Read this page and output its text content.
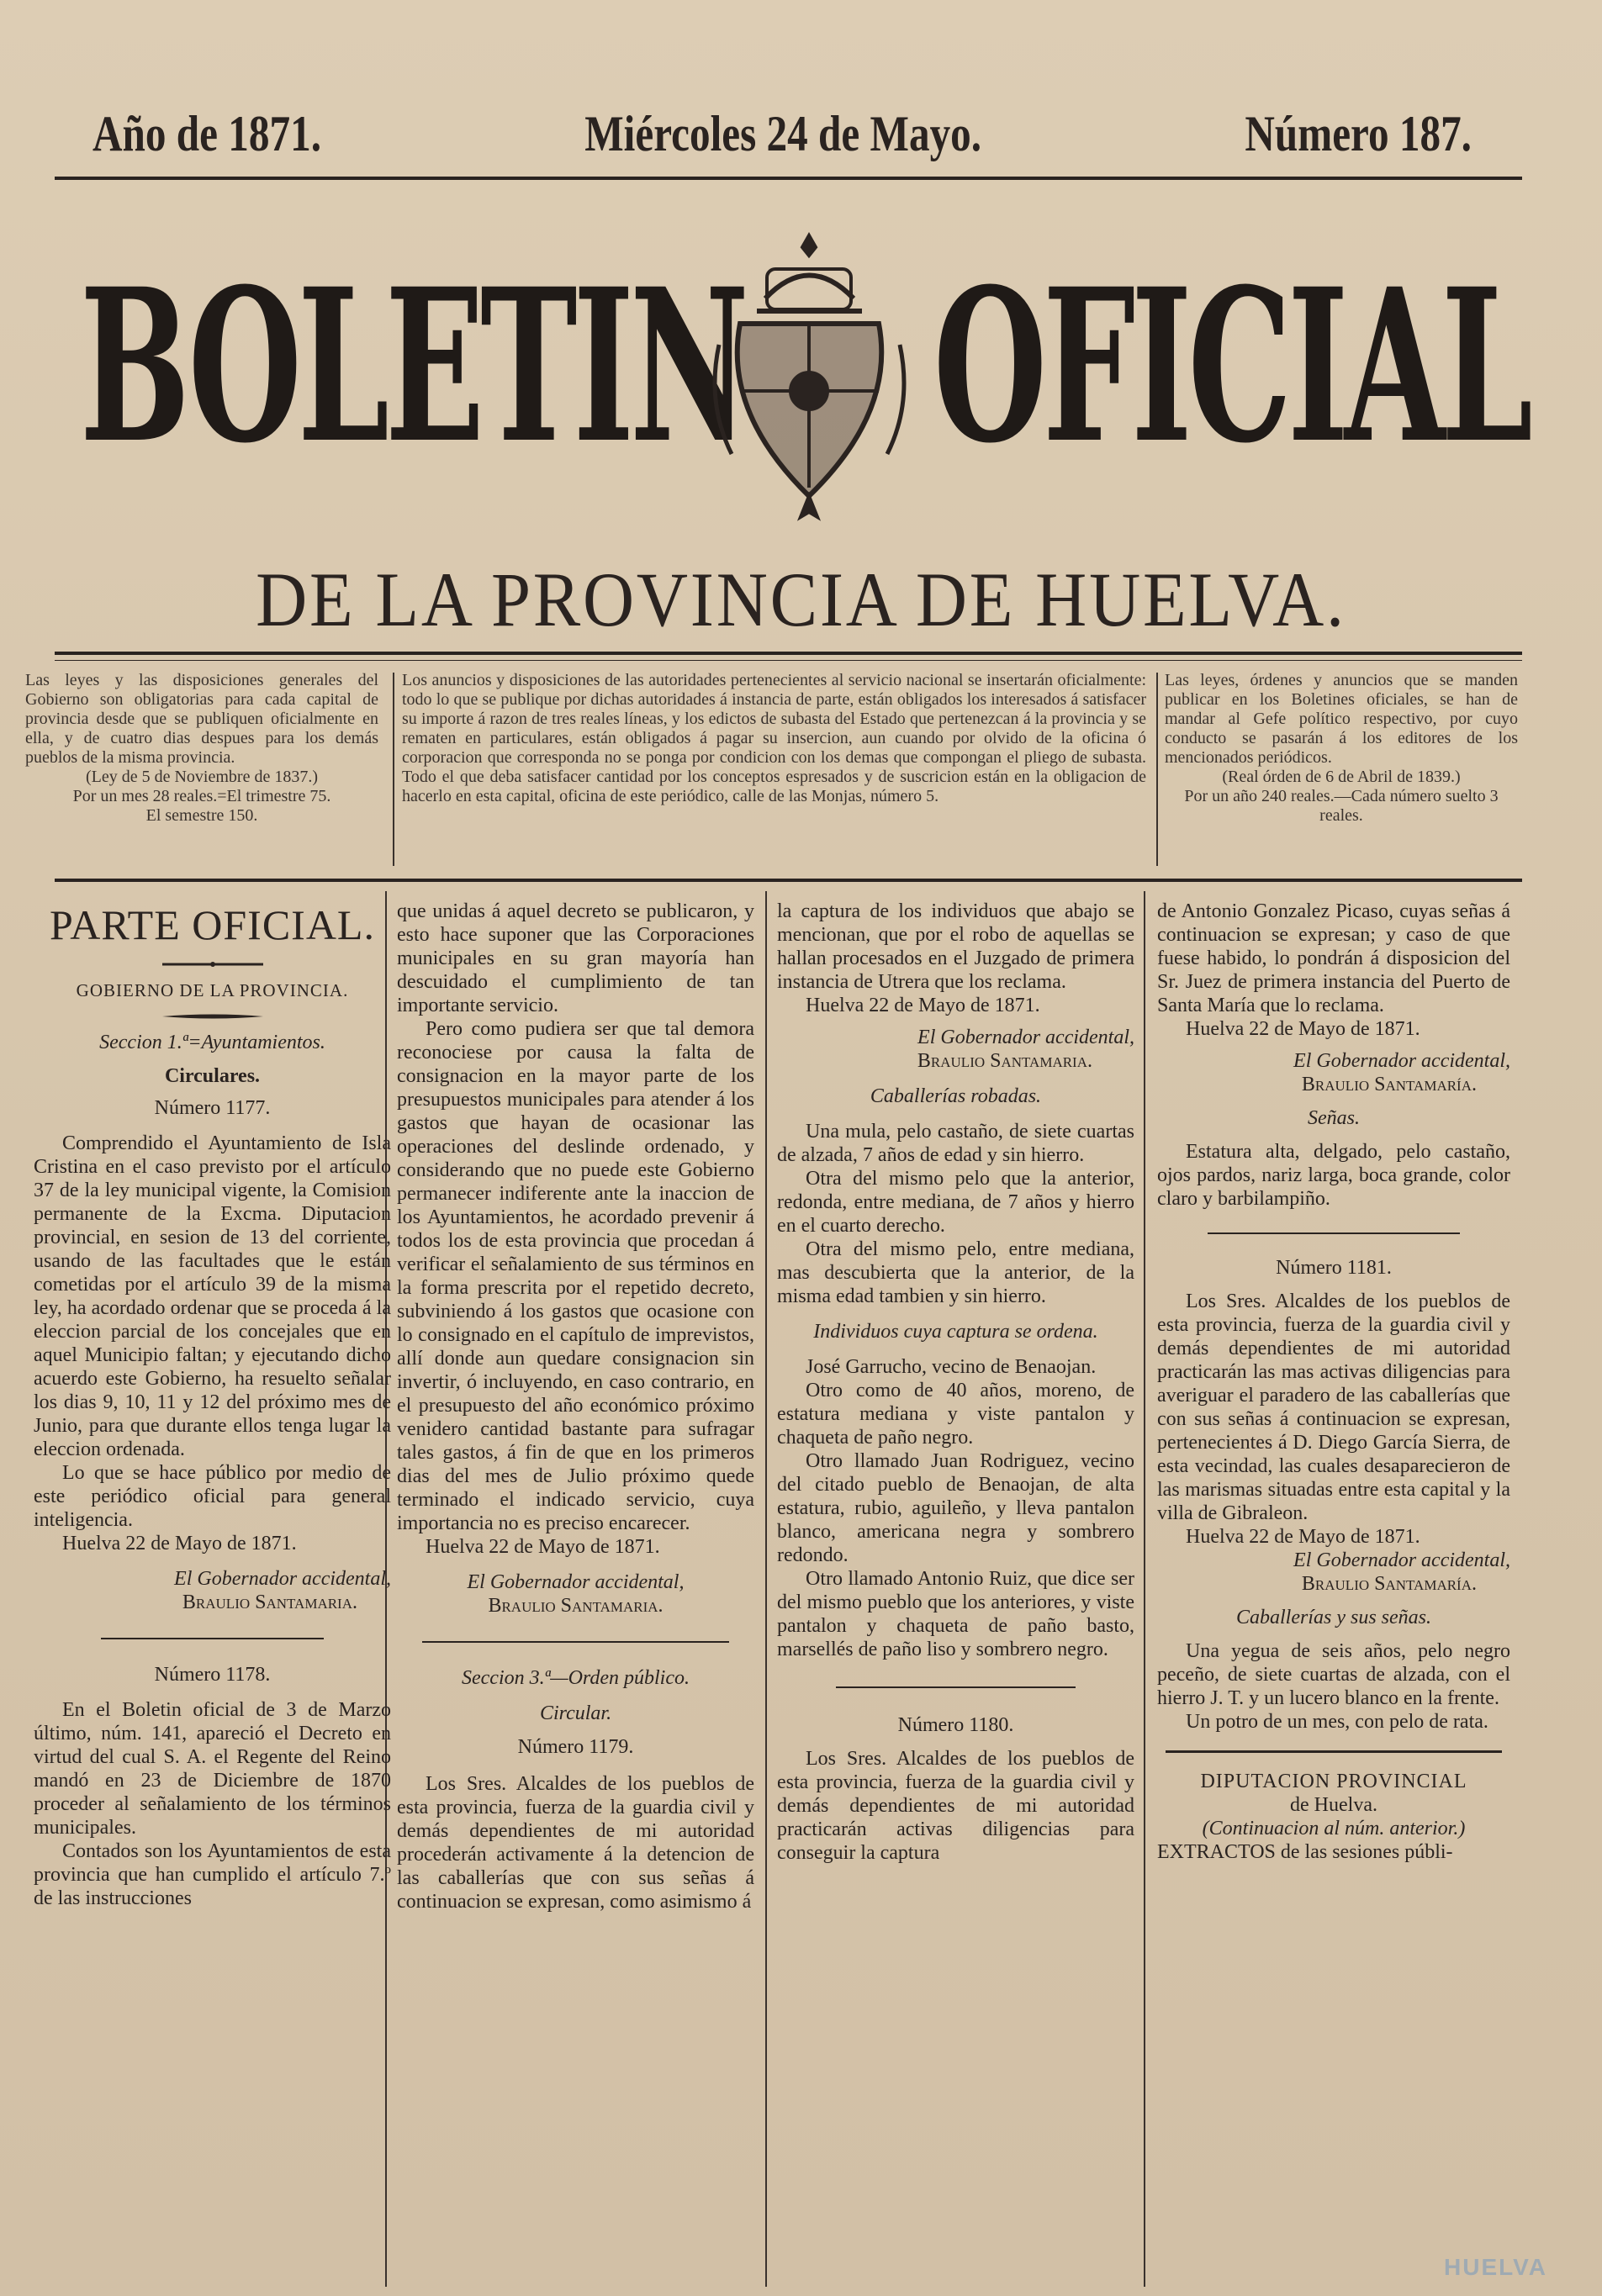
Año de 1871.	Miércoles 24 de Mayo.	Número 187.
BOLETIN OFICIAL
DE LA PROVINCIA DE HUELVA.

Las leyes y las disposiciones generales del Gobierno son obligatorias para cada capital de provincia desde que se publiquen oficialmente en ella, y de cuatro dias despues para los demás pueblos de la misma provincia.

(Ley de 5 de Noviembre de 1837.)

Por un mes 28 reales.=El trimestre 75.

El semestre 150.

Los anuncios y disposiciones de las autoridades pertenecientes al servicio nacional se insertarán oficialmente: todo lo que se publique por dichas autoridades á instancia de parte, están obligados los interesados á satisfacer su importe á razon de tres reales líneas, y los edictos de subasta del Estado que pertenezcan á la provincia y se rematen en particulares, están obligados á pagar su insercion, aun cuando por olvido de la oficina ó corporacion que corresponda no se ponga por condicion con los demas que compongan el pliego de subasta. Todo el que deba satisfacer cantidad por los conceptos espresados y de suscricion están en la obligacion de hacerlo en esta capital, oficina de este periódico, calle de las Monjas, número 5.

Las leyes, órdenes y anuncios que se manden publicar en los Boletines oficiales, se han de mandar al Gefe político respectivo, por cuyo conducto se pasarán á los editores de los mencionados periódicos.

(Real órden de 6 de Abril de 1839.)

Por un año 240 reales.—Cada número suelto 3 reales.

PARTE OFICIAL.

GOBIERNO DE LA PROVINCIA.

Seccion 1.ª=Ayuntamientos.

Circulares.

Número 1177.

Comprendido el Ayuntamiento de Isla Cristina en el caso previsto por el artículo 37 de la ley municipal vigente, la Comision permanente de la Excma. Diputacion provincial, en sesion de 13 del corriente, usando de las facultades que le están cometidas por el artículo 39 de la misma ley, ha acordado ordenar que se proceda á la eleccion parcial de los concejales que en aquel Municipio faltan; y ejecutando dicho acuerdo este Gobierno, ha resuelto señalar los dias 9, 10, 11 y 12 del próximo mes de Junio, para que durante ellos tenga lugar la eleccion ordenada.

Lo que se hace público por medio de este periódico oficial para general inteligencia.

Huelva 22 de Mayo de 1871.

El Gobernador accidental,

Braulio Santamaria.

Número 1178.

En el Boletin oficial de 3 de Marzo último, núm. 141, apareció el Decreto en virtud del cual S. A. el Regente del Reino mandó en 23 de Diciembre de 1870 proceder al señalamiento de los términos municipales.

Contados son los Ayuntamientos de esta provincia que han cumplido el artículo 7.º de las instrucciones

que unidas á aquel decreto se publicaron, y esto hace suponer que las Corporaciones municipales en su gran mayoría han descuidado el cumplimiento de tan importante servicio.

Pero como pudiera ser que tal demora reconociese por causa la falta de consignacion en la mayor parte de los presupuestos municipales para atender á los gastos que hayan de ocasionar las operaciones del deslinde ordenado, y considerando que no puede este Gobierno permanecer indiferente ante la inaccion de los Ayuntamientos, he acordado prevenir á todos los de esta provincia que procedan á verificar el señalamiento de sus términos en la forma prescrita por el repetido decreto, subviniendo á los gastos que ocasione con lo consignado en el capítulo de imprevistos, allí donde aun quedare consignacion sin invertir, ó incluyendo, en caso contrario, en el presupuesto del año económico próximo venidero cantidad bastante para sufragar tales gastos, á fin de que en los primeros dias del mes de Julio próximo quede terminado el indicado servicio, cuya importancia no es preciso encarecer.

Huelva 22 de Mayo de 1871.

El Gobernador accidental,

Braulio Santamaria.

Seccion 3.ª—Orden público.

Circular.

Número 1179.

Los Sres. Alcaldes de los pueblos de esta provincia, fuerza de la guardia civil y demás dependientes de mi autoridad procederán activamente á la detencion de las caballerías que con sus señas á continuacion se expresan, como asimismo á

la captura de los individuos que abajo se mencionan, que por el robo de aquellas se hallan procesados en el Juzgado de primera instancia de Utrera que los reclama.

Huelva 22 de Mayo de 1871.

El Gobernador accidental,

Braulio Santamaria.

Caballerías robadas.

Una mula, pelo castaño, de siete cuartas de alzada, 7 años de edad y sin hierro.

Otra del mismo pelo que la anterior, redonda, entre mediana, de 7 años y hierro en el cuarto derecho.

Otra del mismo pelo, entre mediana, mas descubierta que la anterior, de la misma edad tambien y sin hierro.

Individuos cuya captura se ordena.

José Garrucho, vecino de Benaojan.

Otro como de 40 años, moreno, de estatura mediana y viste pantalon y chaqueta de paño negro.

Otro llamado Juan Rodriguez, vecino del citado pueblo de Benaojan, de alta estatura, rubio, aguileño, y lleva pantalon blanco, americana negra y sombrero redondo.

Otro llamado Antonio Ruiz, que dice ser del mismo pueblo que los anteriores, y viste pantalon y chaqueta de paño basto, marsellés de paño liso y sombrero negro.

Número 1180.

Los Sres. Alcaldes de los pueblos de esta provincia, fuerza de la guardia civil y demás dependientes de mi autoridad practicarán activas diligencias para conseguir la captura

de Antonio Gonzalez Picaso, cuyas señas á continuacion se expresan; y caso de que fuese habido, lo pondrán á disposicion del Sr. Juez de primera instancia del Puerto de Santa María que lo reclama.

Huelva 22 de Mayo de 1871.

El Gobernador accidental,

Braulio Santamaría.

Señas.

Estatura alta, delgado, pelo castaño, ojos pardos, nariz larga, boca grande, color claro y barbilampiño.

Número 1181.

Los Sres. Alcaldes de los pueblos de esta provincia, fuerza de la guardia civil y demás dependientes de mi autoridad practicarán las mas activas diligencias para averiguar el paradero de las caballerías que con sus señas á continuacion se expresan, pertenecientes á D. Diego García Sierra, de esta vecindad, las cuales desaparecieron de las marismas situadas entre esta capital y la villa de Gibraleon.

Huelva 22 de Mayo de 1871.

El Gobernador accidental,

Braulio Santamaría.

Caballerías y sus señas.

Una yegua de seis años, pelo negro peceño, de siete cuartas de alzada, con el hierro J. T. y un lucero blanco en la frente.

Un potro de un mes, con pelo de rata.

DIPUTACION PROVINCIAL

de Huelva.

(Continuacion al núm. anterior.)

EXTRACTOS de las sesiones públi-

HUELVA
